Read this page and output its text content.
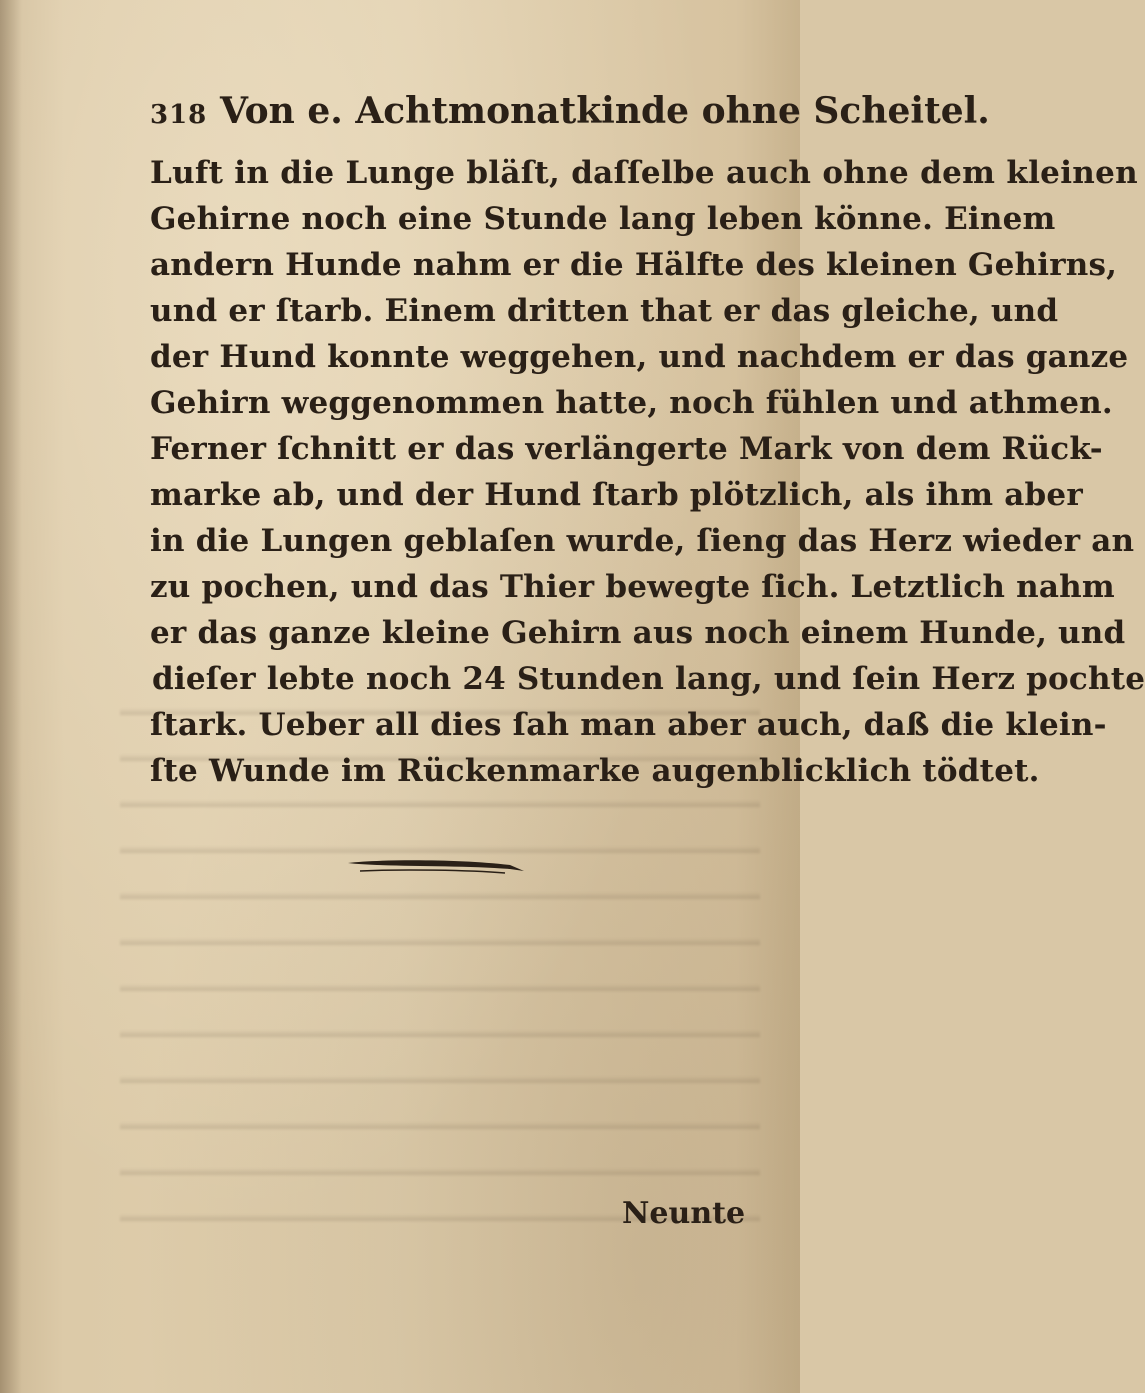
318 Von e. Achtmonatkinde ohne Scheitel.
Luft in die Lunge bläſt, daſſelbe auch ohne dem kleinen
Gehirne noch eine Stunde lang leben könne. Einem
andern Hunde nahm er die Hälfte des kleinen Gehirns,
und er ſtarb. Einem dritten that er das gleiche, und
der Hund konnte weggehen, und nachdem er das ganze
Gehirn weggenommen hatte, noch fühlen und athmen.
Ferner ſchnitt er das verlängerte Mark von dem Rück-
marke ab, und der Hund ſtarb plötzlich, als ihm aber
in die Lungen geblaſen wurde, ſieng das Herz wieder an
zu pochen, und das Thier bewegte ſich. Letztlich nahm
er das ganze kleine Gehirn aus noch einem Hunde, und
dieſer lebte noch 24 Stunden lang, und ſein Herz pochte
ſtark. Ueber all dies ſah man aber auch, daß die klein-
ſte Wunde im Rückenmarke augenblicklich tödtet.
Neunte
